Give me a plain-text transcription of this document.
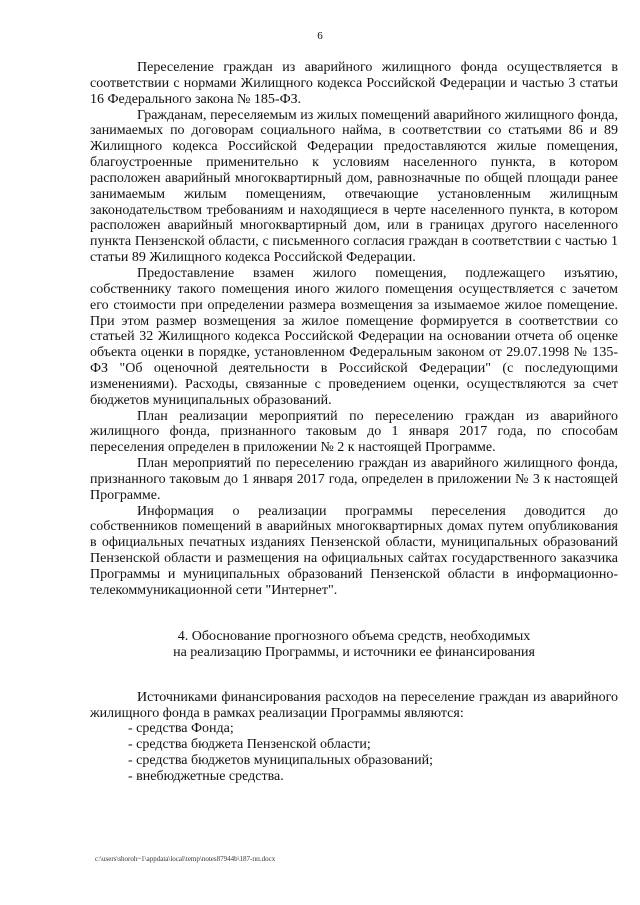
6

Переселение граждан из аварийного жилищного фонда осуществляется в соответствии с нормами Жилищного кодекса Российской Федерации и частью 3 статьи 16 Федерального закона № 185-ФЗ.

Гражданам, переселяемым из жилых помещений аварийного жилищного фонда, занимаемых по договорам социального найма, в соответствии со статьями 86 и 89 Жилищного кодекса Российской Федерации предоставляются жилые помещения, благоустроенные применительно к условиям населенного пункта, в котором расположен аварийный многоквартирный дом, равнозначные по общей площади ранее занимаемым жилым помещениям, отвечающие установленным жилищным законодательством требованиям и находящиеся в черте населенного пункта, в котором расположен аварийный многоквартирный дом, или в границах другого населенного пункта Пензенской области, с письменного согласия граждан в соответствии с частью 1 статьи 89 Жилищного кодекса Российской Федерации.

Предоставление взамен жилого помещения, подлежащего изъятию, собственнику такого помещения иного жилого помещения осуществляется с зачетом его стоимости при определении размера возмещения за изымаемое жилое помещение. При этом размер возмещения за жилое помещение формируется в соответствии со статьей 32 Жилищного кодекса Российской Федерации на основании отчета об оценке объекта оценки в порядке, установленном Федеральным законом от 29.07.1998 № 135-ФЗ "Об оценочной деятельности в Российской Федерации" (с последующими изменениями). Расходы, связанные с проведением оценки, осуществляются за счет бюджетов муниципальных образований.

План реализации мероприятий по переселению граждан из аварийного жилищного фонда, признанного таковым до 1 января 2017 года, по способам переселения определен в приложении № 2 к настоящей Программе.

План мероприятий по переселению граждан из аварийного жилищного фонда, признанного таковым до 1 января 2017 года, определен в приложении № 3 к настоящей Программе.

Информация о реализации программы переселения доводится до собственников помещений в аварийных многоквартирных домах путем опубликования в официальных печатных изданиях Пензенской области, муниципальных образований Пензенской области и размещения на официальных сайтах государственного заказчика Программы и муниципальных образований Пензенской области в информационно-телекоммуникационной сети "Интернет".

4. Обоснование прогнозного объема средств, необходимых
на реализацию Программы, и источники ее финансирования

Источниками финансирования расходов на переселение граждан из аварийного жилищного фонда в рамках реализации Программы являются:

- средства Фонда;
- средства бюджета Пензенской области;
- средства бюджетов муниципальных образований;
- внебюджетные средства.
c:\users\shoroh~1\appdata\local\temp\notes87944b\187-пп.docx
